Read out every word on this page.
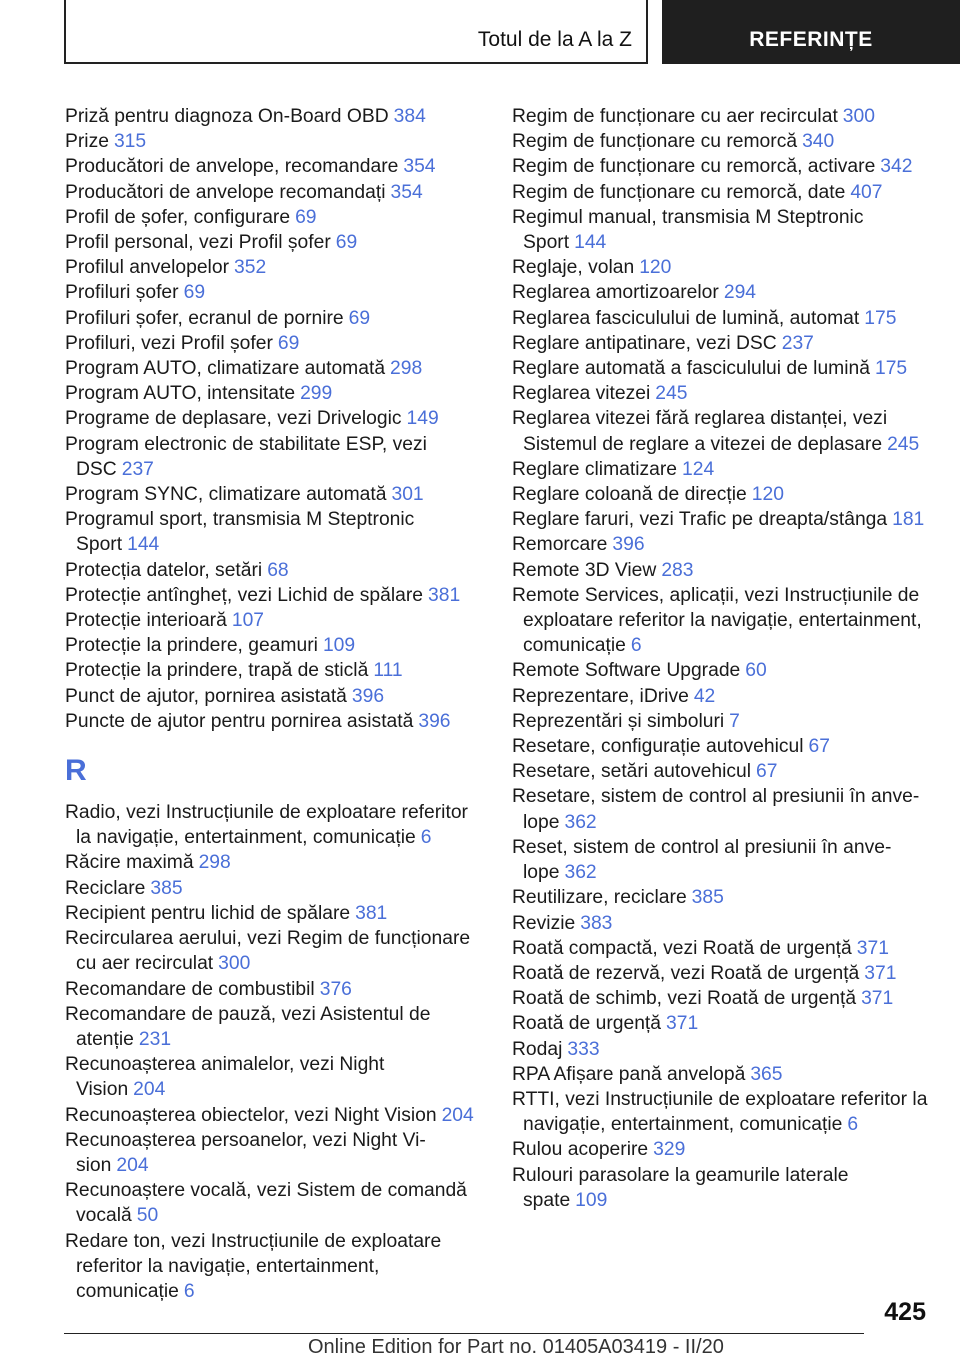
Totul de la A la Z	REFERINȚE

Priză pentru diagnoza On-Board OBD 384

Prize 315

Producători de anvelope, recomandare 354

Producători de anvelope recomandați 354

Profil de șofer, configurare 69

Profil personal, vezi Profil șofer 69

Profilul anvelopelor 352

Profiluri șofer 69

Profiluri șofer, ecranul de pornire 69

Profiluri, vezi Profil șofer 69

Program AUTO, climatizare automată 298

Program AUTO, intensitate 299

Programe de deplasare, vezi Drivelogic 149

Program electronic de stabilitate ESP, vezi DSC 237

Program SYNC, climatizare automată 301

Programul sport, transmisia M Steptronic Sport 144

Protecția datelor, setări 68

Protecție antîngheț, vezi Lichid de spălare 381

Protecție interioară 107

Protecție la prindere, geamuri 109

Protecție la prindere, trapă de sticlă 111

Punct de ajutor, pornirea asistată 396

Puncte de ajutor pentru pornirea asistată 396

R

Radio, vezi Instrucțiunile de exploatare referitor la navigație, entertainment, comunicație 6

Răcire maximă 298

Reciclare 385

Recipient pentru lichid de spălare 381

Recircularea aerului, vezi Regim de funcționare cu aer recirculat 300

Recomandare de combustibil 376

Recomandare de pauză, vezi Asistentul de atenție 231

Recunoașterea animalelor, vezi Night Vision 204

Recunoașterea obiectelor, vezi Night Vision 204

Recunoașterea persoanelor, vezi Night Vision 204

Recunoaștere vocală, vezi Sistem de comandă vocală 50

Redare ton, vezi Instrucțiunile de exploatare referitor la navigație, entertainment, comunicație 6

Regim de funcționare cu aer recirculat 300

Regim de funcționare cu remorcă 340

Regim de funcționare cu remorcă, activare 342

Regim de funcționare cu remorcă, date 407

Regimul manual, transmisia M Steptronic Sport 144

Reglaje, volan 120

Reglarea amortizoarelor 294

Reglarea fasciculului de lumină, automat 175

Reglare antipatinare, vezi DSC 237

Reglare automată a fasciculului de lumină 175

Reglarea vitezei 245

Reglarea vitezei fără reglarea distanței, vezi Sistemul de reglare a vitezei de deplasare 245

Reglare climatizare 124

Reglare coloană de direcție 120

Reglare faruri, vezi Trafic pe dreapta/stânga 181

Remorcare 396

Remote 3D View 283

Remote Services, aplicații, vezi Instrucțiunile de exploatare referitor la navigație, entertainment, comunicație 6

Remote Software Upgrade 60

Reprezentare, iDrive 42

Reprezentări și simboluri 7

Resetare, configurație autovehicul 67

Resetare, setări autovehicul 67

Resetare, sistem de control al presiunii în anvelope 362

Reset, sistem de control al presiunii în anvelope 362

Reutilizare, reciclare 385

Revizie 383

Roată compactă, vezi Roată de urgență 371

Roată de rezervă, vezi Roată de urgență 371

Roată de schimb, vezi Roată de urgență 371

Roată de urgență 371

Rodaj 333

RPA Afișare pană anvelopă 365

RTTI, vezi Instrucțiunile de exploatare referitor la navigație, entertainment, comunicație 6

Rulou acoperire 329

Rulouri parasolare la geamurile laterale spate 109

425
Online Edition for Part no. 01405A03419 - II/20
